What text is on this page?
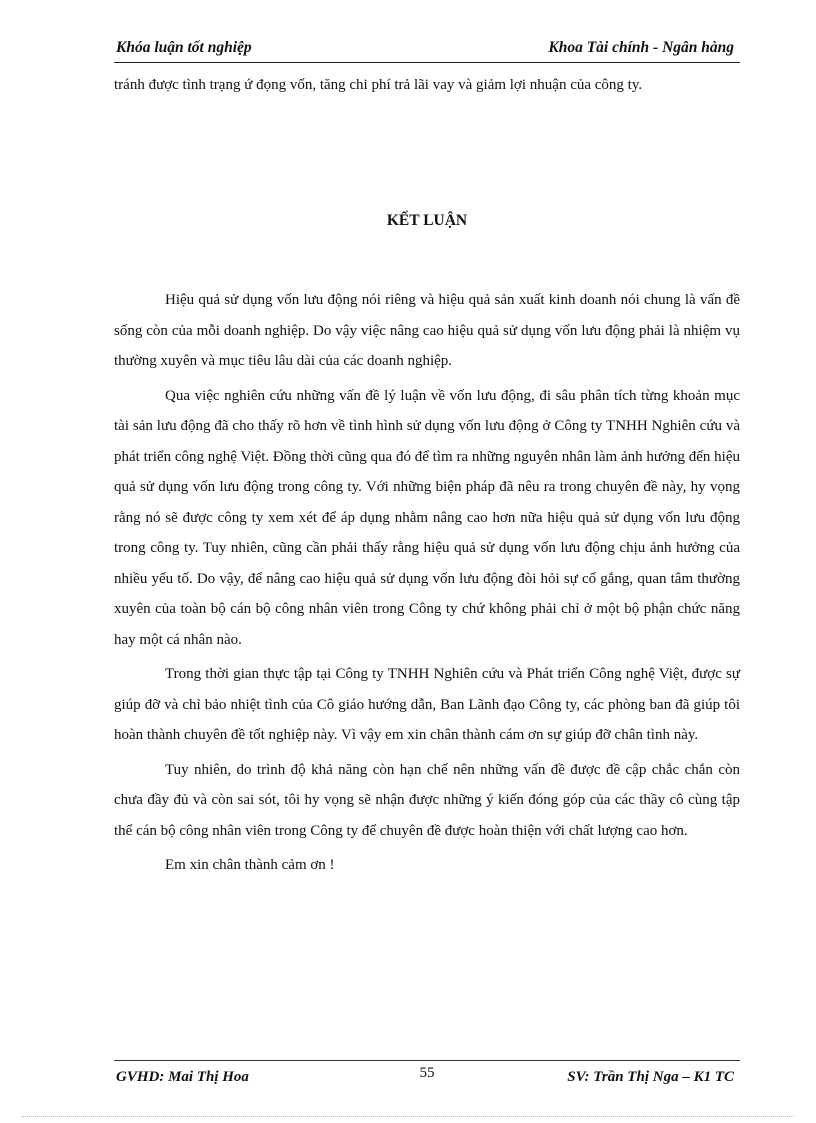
Khóa luận tốt nghiệp	Khoa Tài chính - Ngân hàng

tránh được tình trạng ứ đọng vốn, tăng chi phí trả lãi vay và giảm lợi nhuận của công ty.

KẾT LUẬN

Hiệu quả sử dụng vốn lưu động nói riêng và hiệu quả sản xuất kinh doanh nói chung là vấn đề sống còn của mỗi doanh nghiệp. Do vậy việc nâng cao hiệu quả sử dụng vốn lưu động phải là nhiệm vụ thường xuyên và mục tiêu lâu dài của các doanh nghiệp.

Qua việc nghiên cứu những vấn đề lý luận về vốn lưu động, đi sâu phân tích từng khoản mục tài sản lưu động đã cho thấy rõ hơn về tình hình sử dụng vốn lưu động ở Công ty TNHH Nghiên cứu và phát triển công nghệ Việt. Đồng thời cũng qua đó để tìm ra những nguyên nhân làm ảnh hưởng đến hiệu quả sử dụng vốn lưu động trong công ty. Với những biện pháp đã nêu ra trong chuyên đề này, hy vọng rằng nó sẽ được công ty xem xét để áp dụng nhằm nâng cao hơn nữa hiệu quả sử dụng vốn lưu động trong công ty. Tuy nhiên, cũng cần phải thấy rằng hiệu quả sử dụng vốn lưu động chịu ảnh hưởng của nhiều yếu tố. Do vậy, để nâng cao hiệu quả sử dụng vốn lưu động đòi hỏi sự cố gắng, quan tâm thường xuyên của toàn bộ cán bộ công nhân viên trong Công ty chứ không phải chỉ ở một bộ phận chức năng hay một cá nhân nào.

Trong thời gian thực tập tại Công ty TNHH Nghiên cứu và Phát triển Công nghệ Việt, được sự giúp đỡ và chỉ bảo nhiệt tình của Cô giáo hướng dẫn, Ban Lãnh đạo Công ty, các phòng ban đã giúp tôi hoàn thành chuyên đề tốt nghiệp này. Vì vậy em xin chân thành cám ơn sự giúp đỡ chân tình này.

Tuy nhiên, do trình độ khả năng còn hạn chế nên những vấn đề được đề cập chắc chắn còn chưa đầy đủ và còn sai sót, tôi hy vọng sẽ nhận được những ý kiến đóng góp của các thầy cô cùng tập thể cán bộ công nhân viên trong Công ty để chuyên đề được hoàn thiện với chất lượng cao hơn.

Em xin chân thành cảm ơn !

GVHD: Mai Thị Hoa	55	SV: Trần Thị Nga – K1 TC
